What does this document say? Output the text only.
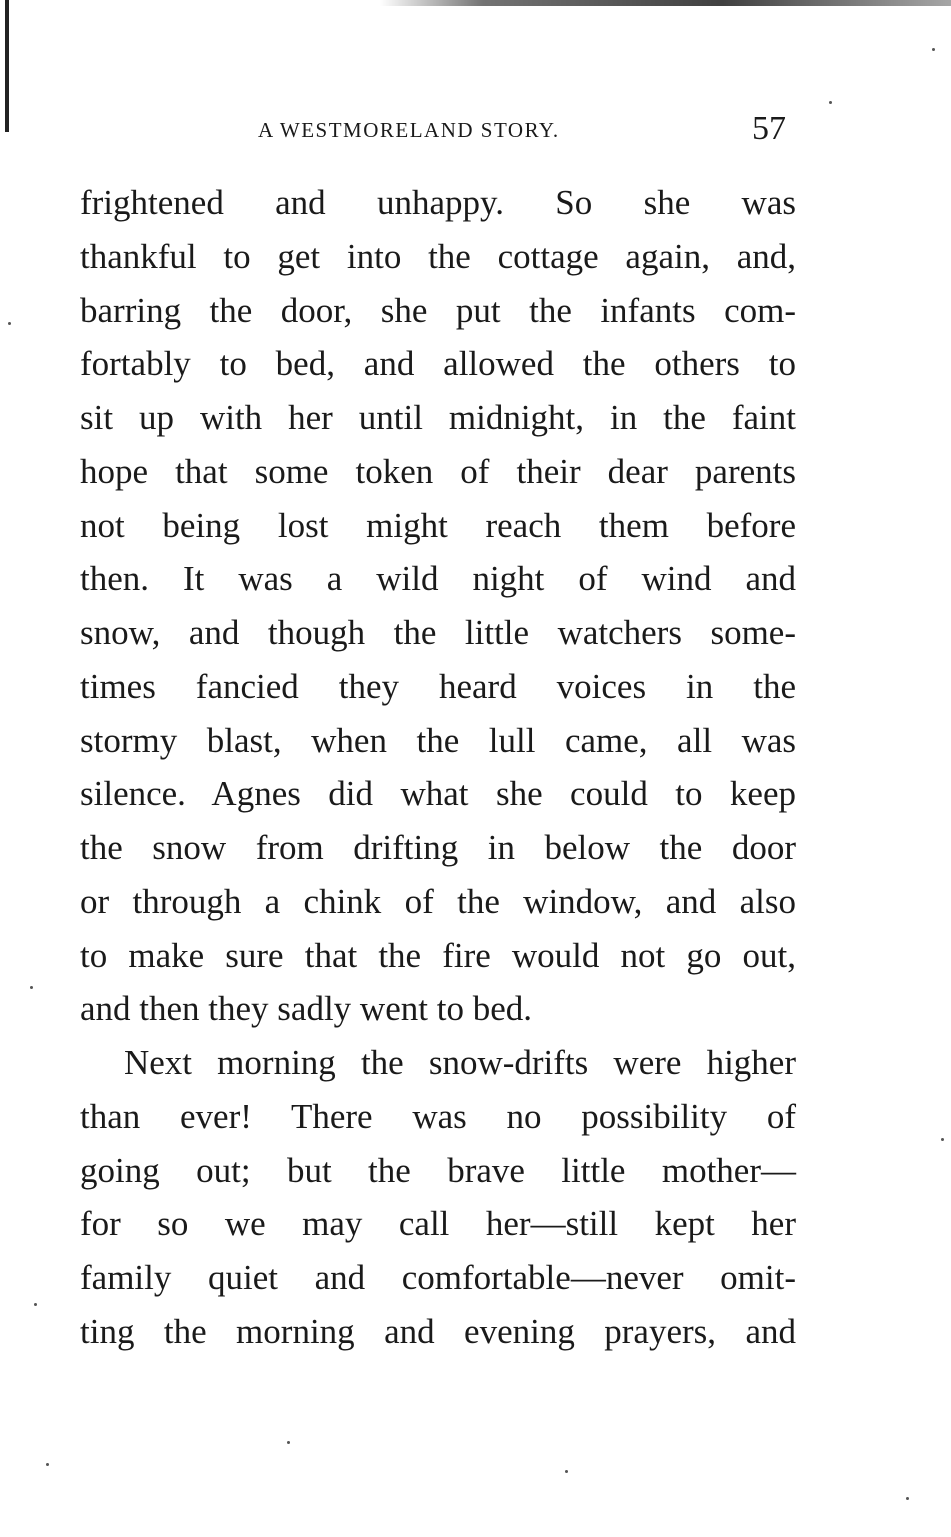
A WESTMORELAND STORY.	57
frightened and unhappy. So she was
thankful to get into the cottage again, and,
barring the door, she put the infants com-
fortably to bed, and allowed the others to
sit up with her until midnight, in the faint
hope that some token of their dear parents
not being lost might reach them before
then. It was a wild night of wind and
snow, and though the little watchers some-
times fancied they heard voices in the
stormy blast, when the lull came, all was
silence. Agnes did what she could to keep
the snow from drifting in below the door
or through a chink of the window, and also
to make sure that the fire would not go out,
and then they sadly went to bed.
Next morning the snow-drifts were higher
than ever! There was no possibility of
going out; but the brave little mother—
for so we may call her—still kept her
family quiet and comfortable—never omit-
ting the morning and evening prayers, and
